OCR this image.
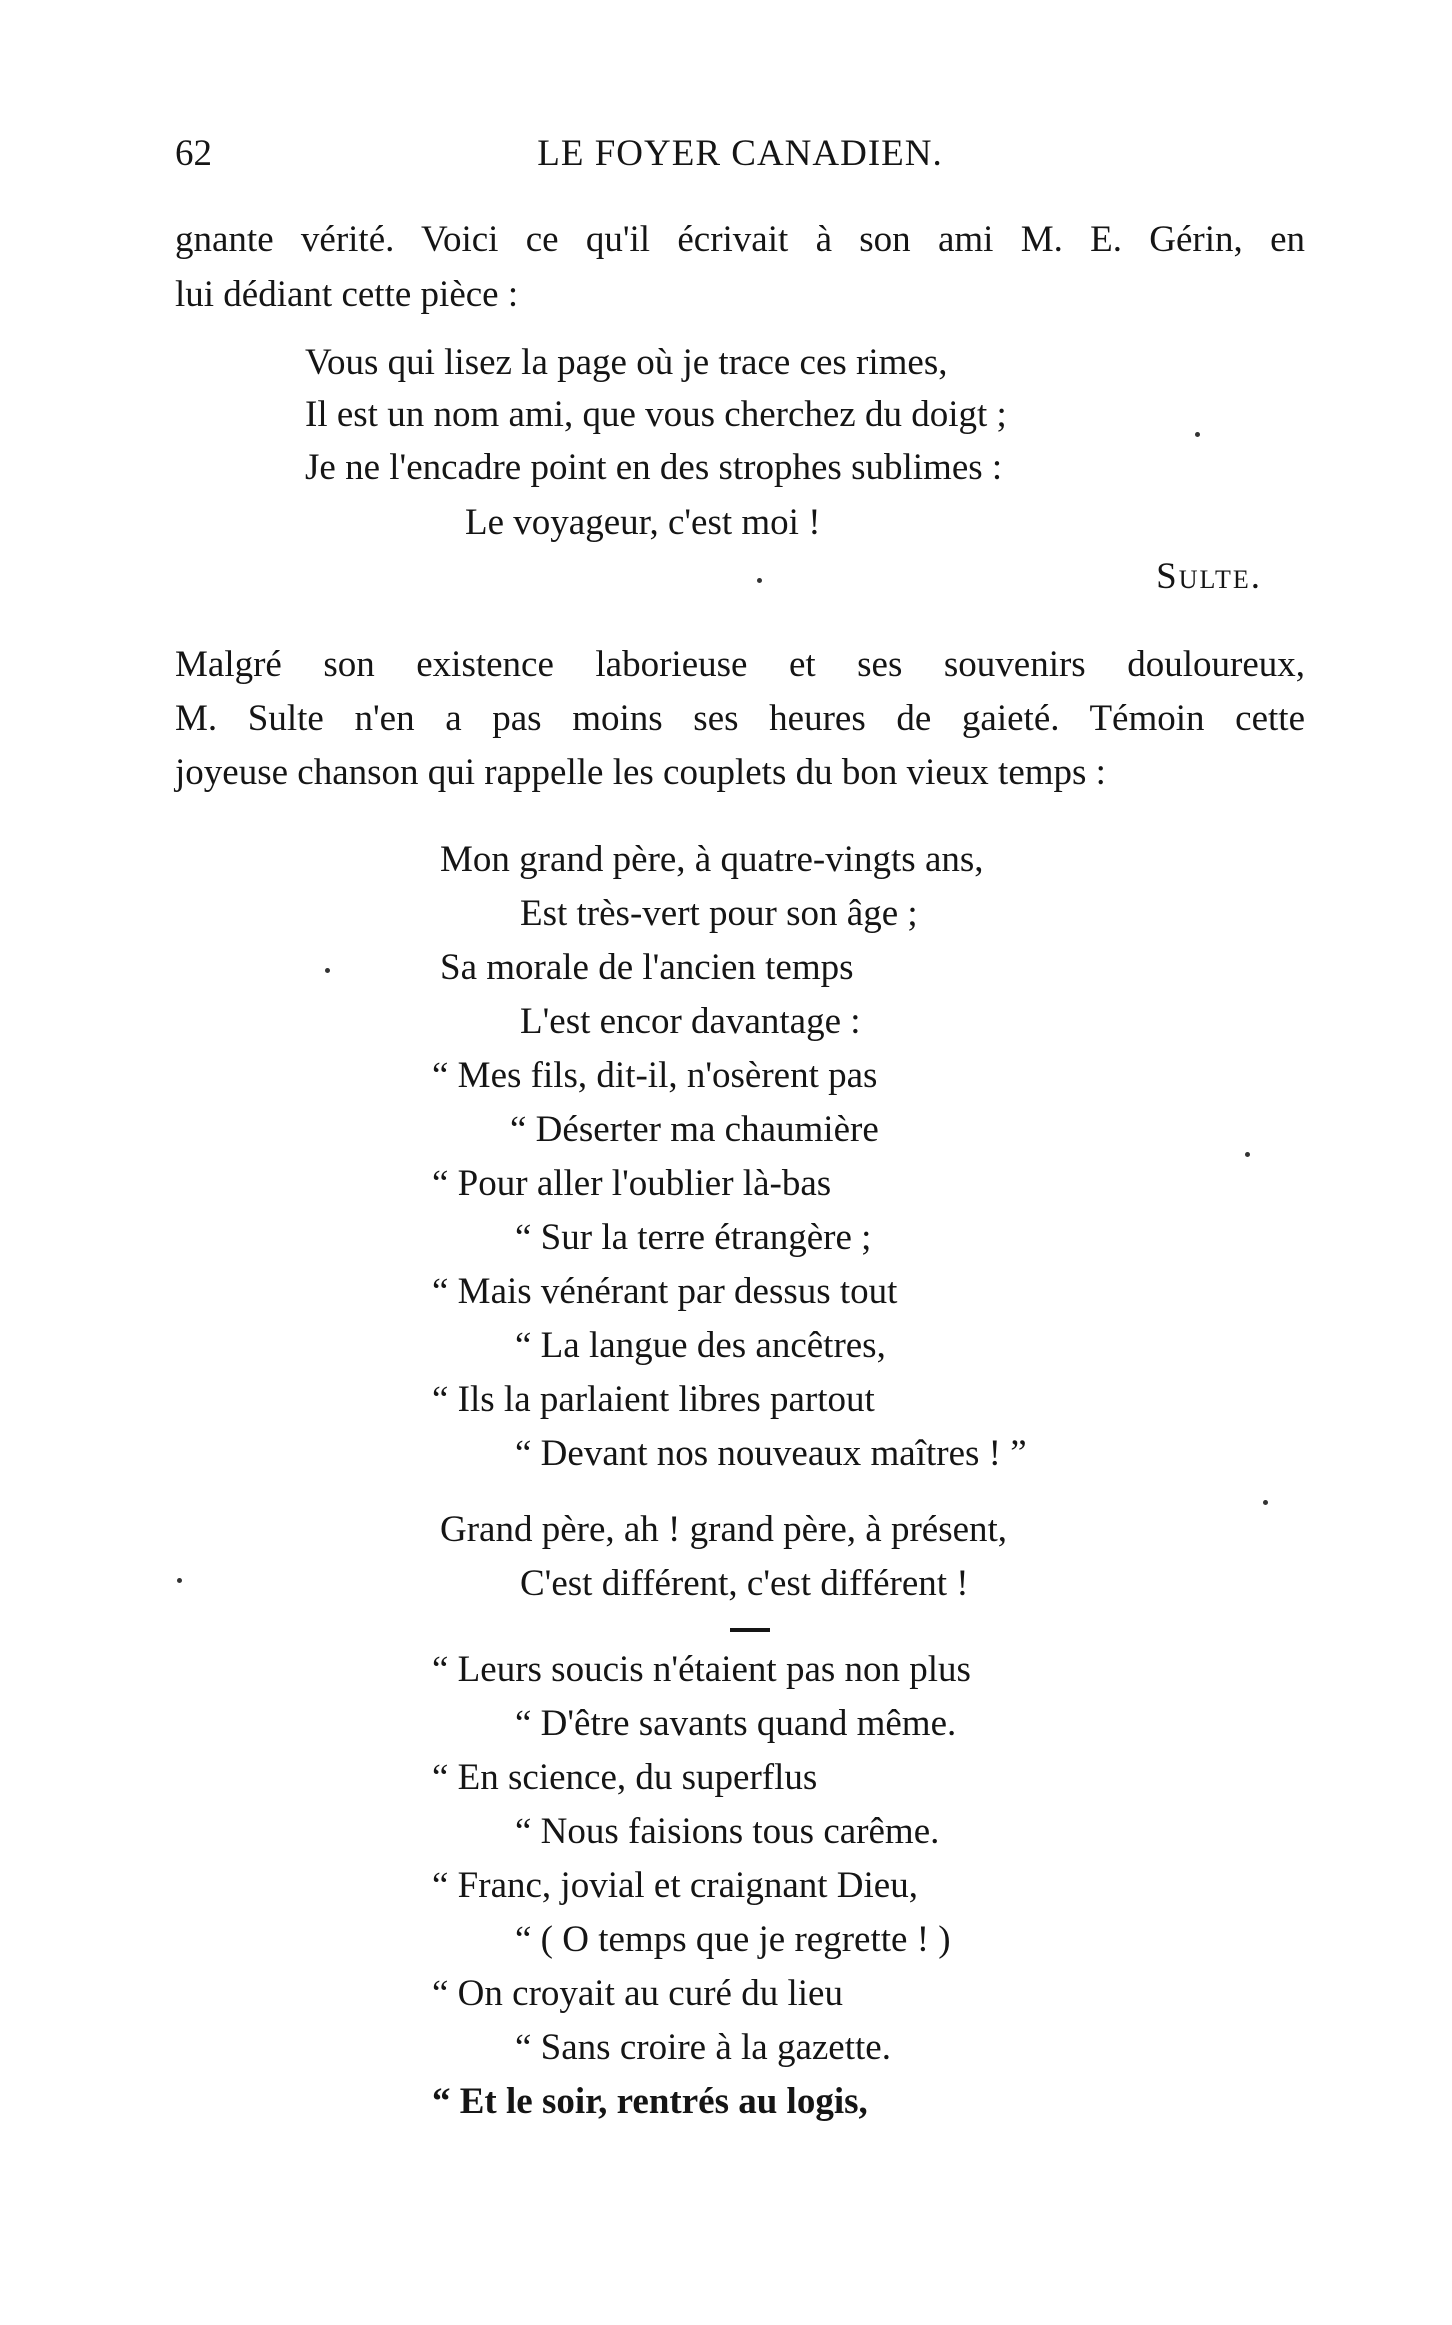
62	LE FOYER CANADIEN.
gnante vérité. Voici ce qu'il écrivait à son ami M. E. Gérin, en
lui dédiant cette pièce :
Vous qui lisez la page où je trace ces rimes,
Il est un nom ami, que vous cherchez du doigt ;
Je ne l'encadre point en des strophes sublimes :
Le voyageur, c'est moi !
Sulte.
Malgré son existence laborieuse et ses souvenirs douloureux,
M. Sulte n'en a pas moins ses heures de gaieté. Témoin cette
joyeuse chanson qui rappelle les couplets du bon vieux temps :
Mon grand père, à quatre-vingts ans,
Est très-vert pour son âge ;
Sa morale de l'ancien temps
L'est encor davantage :
“ Mes fils, dit-il, n'osèrent pas
“ Déserter ma chaumière
“ Pour aller l'oublier là-bas
“ Sur la terre étrangère ;
“ Mais vénérant par dessus tout
“ La langue des ancêtres,
“ Ils la parlaient libres partout
“ Devant nos nouveaux maîtres ! ”
Grand père, ah ! grand père, à présent,
C'est différent, c'est différent !
“ Leurs soucis n'étaient pas non plus
“ D'être savants quand même.
“ En science, du superflus
“ Nous faisions tous carême.
“ Franc, jovial et craignant Dieu,
“ ( O temps que je regrette ! )
“ On croyait au curé du lieu
“ Sans croire à la gazette.
“ Et le soir, rentrés au logis,
